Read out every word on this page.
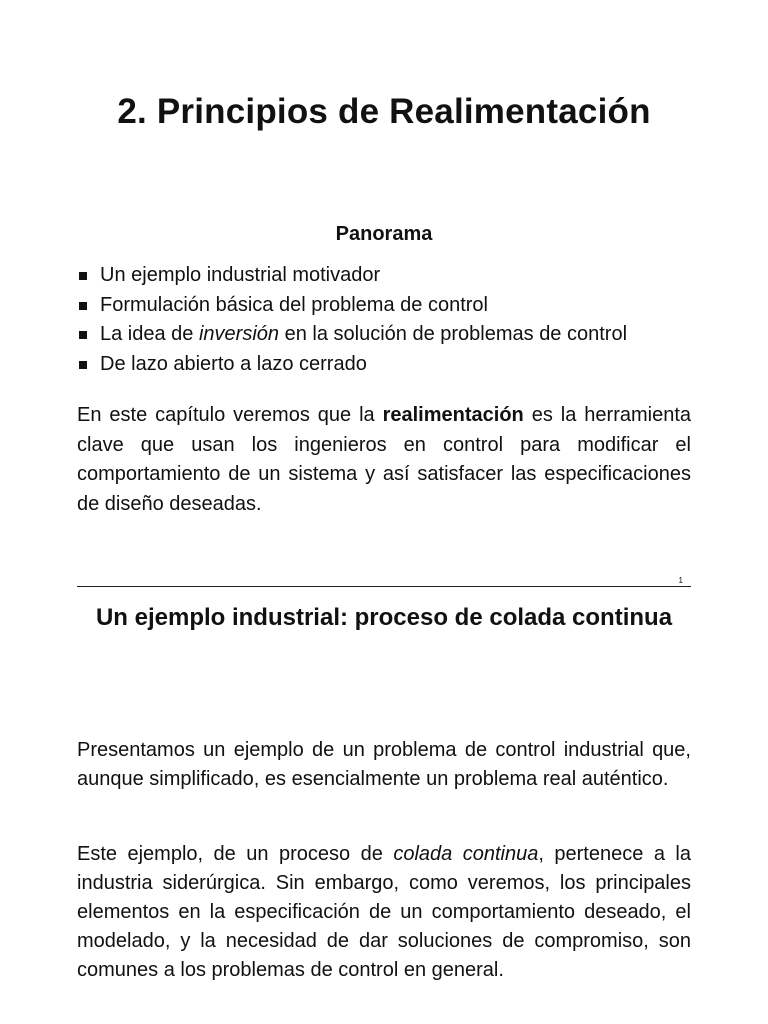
2. Principios de Realimentación
Panorama
Un ejemplo industrial motivador
Formulación básica del problema de control
La idea de inversión en la solución de problemas de control
De lazo abierto a lazo cerrado

En este capítulo veremos que la realimentación es la herramienta clave que usan los ingenieros en control para modificar el comportamiento de un sistema y así satisfacer las especificaciones de diseño deseadas.

1
Un ejemplo industrial: proceso de colada continua

Presentamos un ejemplo de un problema de control industrial que, aunque simplificado, es esencialmente un problema real auténtico.

Este ejemplo, de un proceso de colada continua, pertenece a la industria siderúrgica. Sin embargo, como veremos, los principales elementos en la especificación de un comportamiento deseado, el modelado, y la necesidad de dar soluciones de compromiso, son comunes a los problemas de control en general.
